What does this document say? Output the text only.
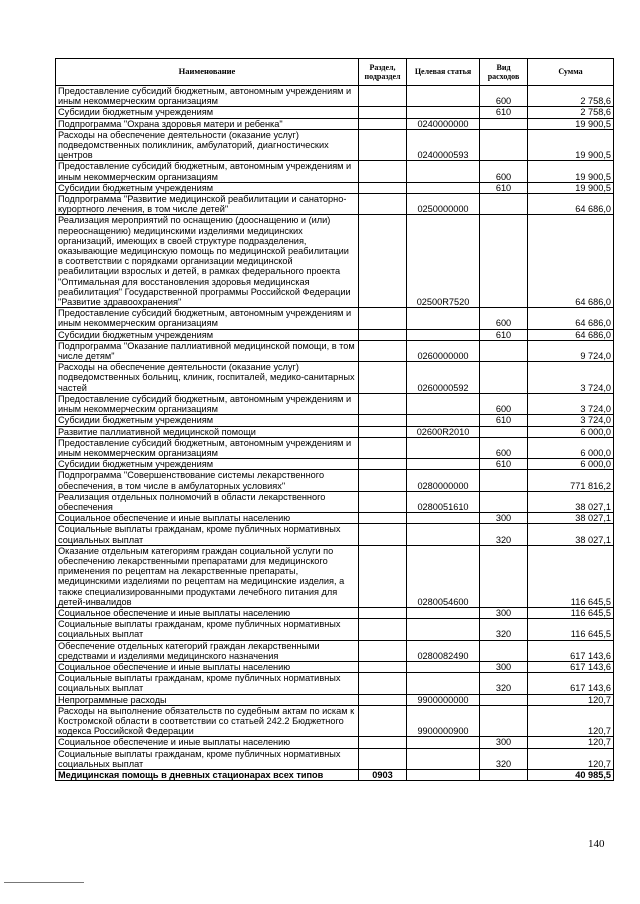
Наименование	Раздел, подраздел	Целевая статья	Вид расходов	Сумма
Предоставление субсидий бюджетным, автономным учреждениям и иным некоммерческим организациям			600	2 758,6
Субсидии бюджетным учреждениям			610	2 758,6
Подпрограмма "Охрана здоровья матери и ребенка"		0240000000		19 900,5
Расходы на обеспечение деятельности (оказание услуг) подведомственных поликлиник, амбулаторий, диагностических центров		0240000593		19 900,5
Предоставление субсидий бюджетным, автономным учреждениям и иным некоммерческим организациям			600	19 900,5
Субсидии бюджетным учреждениям			610	19 900,5
Подпрограмма "Развитие медицинской реабилитации и санаторно-курортного лечения, в том числе детей"		0250000000		64 686,0
Реализация мероприятий по оснащению (дооснащению и (или) переоснащению) медицинскими изделиями медицинских организаций, имеющих в своей структуре подразделения, оказывающие медицинскую помощь по медицинской реабилитации в соответствии с порядками организации медицинской реабилитации взрослых и детей, в рамках федерального проекта "Оптимальная для восстановления здоровья медицинская реабилитация" Государственной программы Российской Федерации "Развитие здравоохранения"		02500R7520		64 686,0
Предоставление субсидий бюджетным, автономным учреждениям и иным некоммерческим организациям			600	64 686,0
Субсидии бюджетным учреждениям			610	64 686,0
Подпрограмма "Оказание паллиативной медицинской помощи, в том числе детям"		0260000000		9 724,0
Расходы на обеспечение деятельности (оказание услуг) подведомственных больниц, клиник, госпиталей, медико-санитарных частей		0260000592		3 724,0
Предоставление субсидий бюджетным, автономным учреждениям и иным некоммерческим организациям			600	3 724,0
Субсидии бюджетным учреждениям			610	3 724,0
Развитие паллиативной медицинской помощи		02600R2010		6 000,0
Предоставление субсидий бюджетным, автономным учреждениям и иным некоммерческим организациям			600	6 000,0
Субсидии бюджетным учреждениям			610	6 000,0
Подпрограмма "Совершенствование системы лекарственного обеспечения, в том числе в амбулаторных условиях"		0280000000		771 816,2
Реализация отдельных полномочий в области лекарственного обеспечения		0280051610		38 027,1
Социальное обеспечение и иные выплаты населению			300	38 027,1
Социальные выплаты гражданам, кроме публичных нормативных социальных выплат			320	38 027,1
Оказание отдельным категориям граждан социальной услуги по обеспечению лекарственными препаратами для медицинского применения по рецептам на лекарственные препараты, медицинскими изделиями по рецептам на медицинские изделия, а также специализированными продуктами лечебного питания для детей-инвалидов		0280054600		116 645,5
Социальное обеспечение и иные выплаты населению			300	116 645,5
Социальные выплаты гражданам, кроме публичных нормативных социальных выплат			320	116 645,5
Обеспечение отдельных категорий граждан лекарственными средствами и изделиями медицинского назначения		0280082490		617 143,6
Социальное обеспечение и иные выплаты населению			300	617 143,6
Социальные выплаты гражданам, кроме публичных нормативных социальных выплат			320	617 143,6
Непрограммные расходы		9900000000		120,7
Расходы на выполнение обязательств по судебным актам по искам к Костромской области в соответствии со статьей 242.2 Бюджетного кодекса Российской Федерации		9900000900		120,7
Социальное обеспечение и иные выплаты населению			300	120,7
Социальные выплаты гражданам, кроме публичных нормативных социальных выплат			320	120,7
Медицинская помощь в дневных стационарах всех типов	0903			40 985,5
140
